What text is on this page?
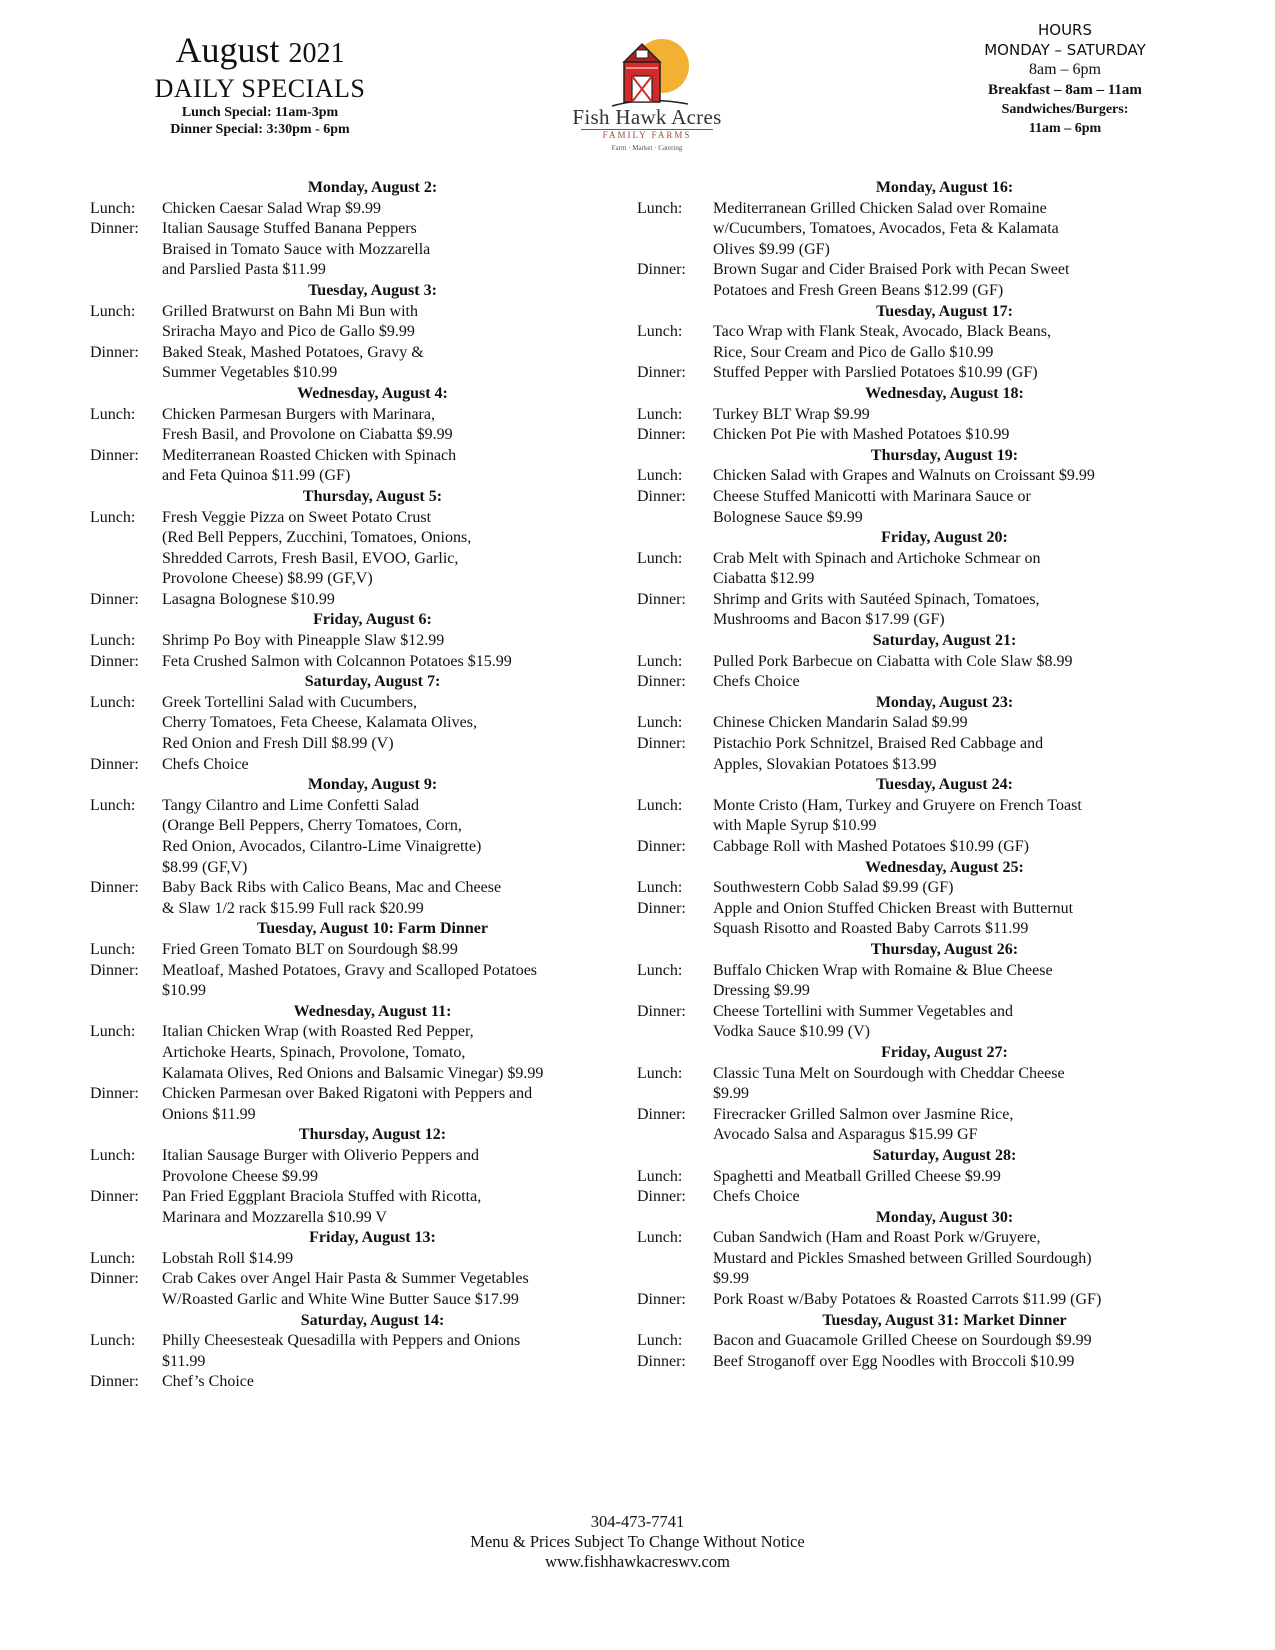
August 2021
DAILY SPECIALS
Lunch Special: 11am-3pm
Dinner Special: 3:30pm - 6pm
Fish Hawk Acres
FAMILY FARMS
Farm · Market · Catering
HOURS
MONDAY – SATURDAY
8am – 6pm
Breakfast – 8am – 11am
Sandwiches/Burgers:
11am – 6pm
Monday, August 2:
Lunch:	Chicken Caesar Salad Wrap $9.99
Dinner:	Italian Sausage Stuffed Banana Peppers
Braised in Tomato Sauce with Mozzarella
and Parslied Pasta $11.99
Tuesday, August 3:
Lunch:	Grilled Bratwurst on Bahn Mi Bun with
Sriracha Mayo and Pico de Gallo $9.99
Dinner:	Baked Steak, Mashed Potatoes, Gravy &
Summer Vegetables $10.99
Wednesday, August 4:
Lunch:	Chicken Parmesan Burgers with Marinara,
Fresh Basil, and Provolone on Ciabatta $9.99
Dinner:	Mediterranean Roasted Chicken with Spinach
and Feta Quinoa $11.99 (GF)
Thursday, August 5:
Lunch:	Fresh Veggie Pizza on Sweet Potato Crust
(Red Bell Peppers, Zucchini, Tomatoes, Onions,
Shredded Carrots, Fresh Basil, EVOO, Garlic,
Provolone Cheese) $8.99 (GF,V)
Dinner:	Lasagna Bolognese $10.99
Friday, August 6:
Lunch:	Shrimp Po Boy with Pineapple Slaw $12.99
Dinner:	Feta Crushed Salmon with Colcannon Potatoes $15.99
Saturday, August 7:
Lunch:	Greek Tortellini Salad with Cucumbers,
Cherry Tomatoes, Feta Cheese, Kalamata Olives,
Red Onion and Fresh Dill $8.99 (V)
Dinner:	Chefs Choice
Monday, August 9:
Lunch:	Tangy Cilantro and Lime Confetti Salad
(Orange Bell Peppers, Cherry Tomatoes, Corn,
Red Onion, Avocados, Cilantro-Lime Vinaigrette)
$8.99 (GF,V)
Dinner:	Baby Back Ribs with Calico Beans, Mac and Cheese
& Slaw 1/2 rack $15.99 Full rack $20.99
Tuesday, August 10: Farm Dinner
Lunch:	Fried Green Tomato BLT on Sourdough $8.99
Dinner:	Meatloaf, Mashed Potatoes, Gravy and Scalloped Potatoes
$10.99
Wednesday, August 11:
Lunch:	Italian Chicken Wrap (with Roasted Red Pepper,
Artichoke Hearts, Spinach, Provolone, Tomato,
Kalamata Olives, Red Onions and Balsamic Vinegar) $9.99
Dinner:	Chicken Parmesan over Baked Rigatoni with Peppers and
Onions $11.99
Thursday, August 12:
Lunch:	Italian Sausage Burger with Oliverio Peppers and
Provolone Cheese $9.99
Dinner:	Pan Fried Eggplant Braciola Stuffed with Ricotta,
Marinara and Mozzarella $10.99 V
Friday, August 13:
Lunch:	Lobstah Roll $14.99
Dinner:	Crab Cakes over Angel Hair Pasta & Summer Vegetables
W/Roasted Garlic and White Wine Butter Sauce $17.99
Saturday, August 14:
Lunch:	Philly Cheesesteak Quesadilla with Peppers and Onions
$11.99
Dinner:	Chef’s Choice
Monday, August 16:
Lunch:	Mediterranean Grilled Chicken Salad over Romaine
w/Cucumbers, Tomatoes, Avocados, Feta & Kalamata
Olives $9.99 (GF)
Dinner:	Brown Sugar and Cider Braised Pork with Pecan Sweet
Potatoes and Fresh Green Beans $12.99 (GF)
Tuesday, August 17:
Lunch:	Taco Wrap with Flank Steak, Avocado, Black Beans,
Rice, Sour Cream and Pico de Gallo $10.99
Dinner:	Stuffed Pepper with Parslied Potatoes $10.99 (GF)
Wednesday, August 18:
Lunch:	Turkey BLT Wrap $9.99
Dinner:	Chicken Pot Pie with Mashed Potatoes $10.99
Thursday, August 19:
Lunch:	Chicken Salad with Grapes and Walnuts on Croissant $9.99
Dinner:	Cheese Stuffed Manicotti with Marinara Sauce or
Bolognese Sauce $9.99
Friday, August 20:
Lunch:	Crab Melt with Spinach and Artichoke Schmear on
Ciabatta $12.99
Dinner:	Shrimp and Grits with Sautéed Spinach, Tomatoes,
Mushrooms and Bacon $17.99 (GF)
Saturday, August 21:
Lunch:	Pulled Pork Barbecue on Ciabatta with Cole Slaw $8.99
Dinner:	Chefs Choice
Monday, August 23:
Lunch:	Chinese Chicken Mandarin Salad $9.99
Dinner:	Pistachio Pork Schnitzel, Braised Red Cabbage and
Apples, Slovakian Potatoes $13.99
Tuesday, August 24:
Lunch:	Monte Cristo (Ham, Turkey and Gruyere on French Toast
with Maple Syrup $10.99
Dinner:	Cabbage Roll with Mashed Potatoes $10.99 (GF)
Wednesday, August 25:
Lunch:	Southwestern Cobb Salad $9.99 (GF)
Dinner:	Apple and Onion Stuffed Chicken Breast with Butternut
Squash Risotto and Roasted Baby Carrots $11.99
Thursday, August 26:
Lunch:	Buffalo Chicken Wrap with Romaine & Blue Cheese
Dressing $9.99
Dinner:	Cheese Tortellini with Summer Vegetables and
Vodka Sauce $10.99 (V)
Friday, August 27:
Lunch:	Classic Tuna Melt on Sourdough with Cheddar Cheese
$9.99
Dinner:	Firecracker Grilled Salmon over Jasmine Rice,
Avocado Salsa and Asparagus $15.99 GF
Saturday, August 28:
Lunch:	Spaghetti and Meatball Grilled Cheese $9.99
Dinner:	Chefs Choice
Monday, August 30:
Lunch:	Cuban Sandwich (Ham and Roast Pork w/Gruyere,
Mustard and Pickles Smashed between Grilled Sourdough)
$9.99
Dinner:	Pork Roast w/Baby Potatoes & Roasted Carrots $11.99 (GF)
Tuesday, August 31: Market Dinner
Lunch:	Bacon and Guacamole Grilled Cheese on Sourdough $9.99
Dinner:	Beef Stroganoff over Egg Noodles with Broccoli $10.99
304-473-7741
Menu & Prices Subject To Change Without Notice
www.fishhawkacreswv.com
